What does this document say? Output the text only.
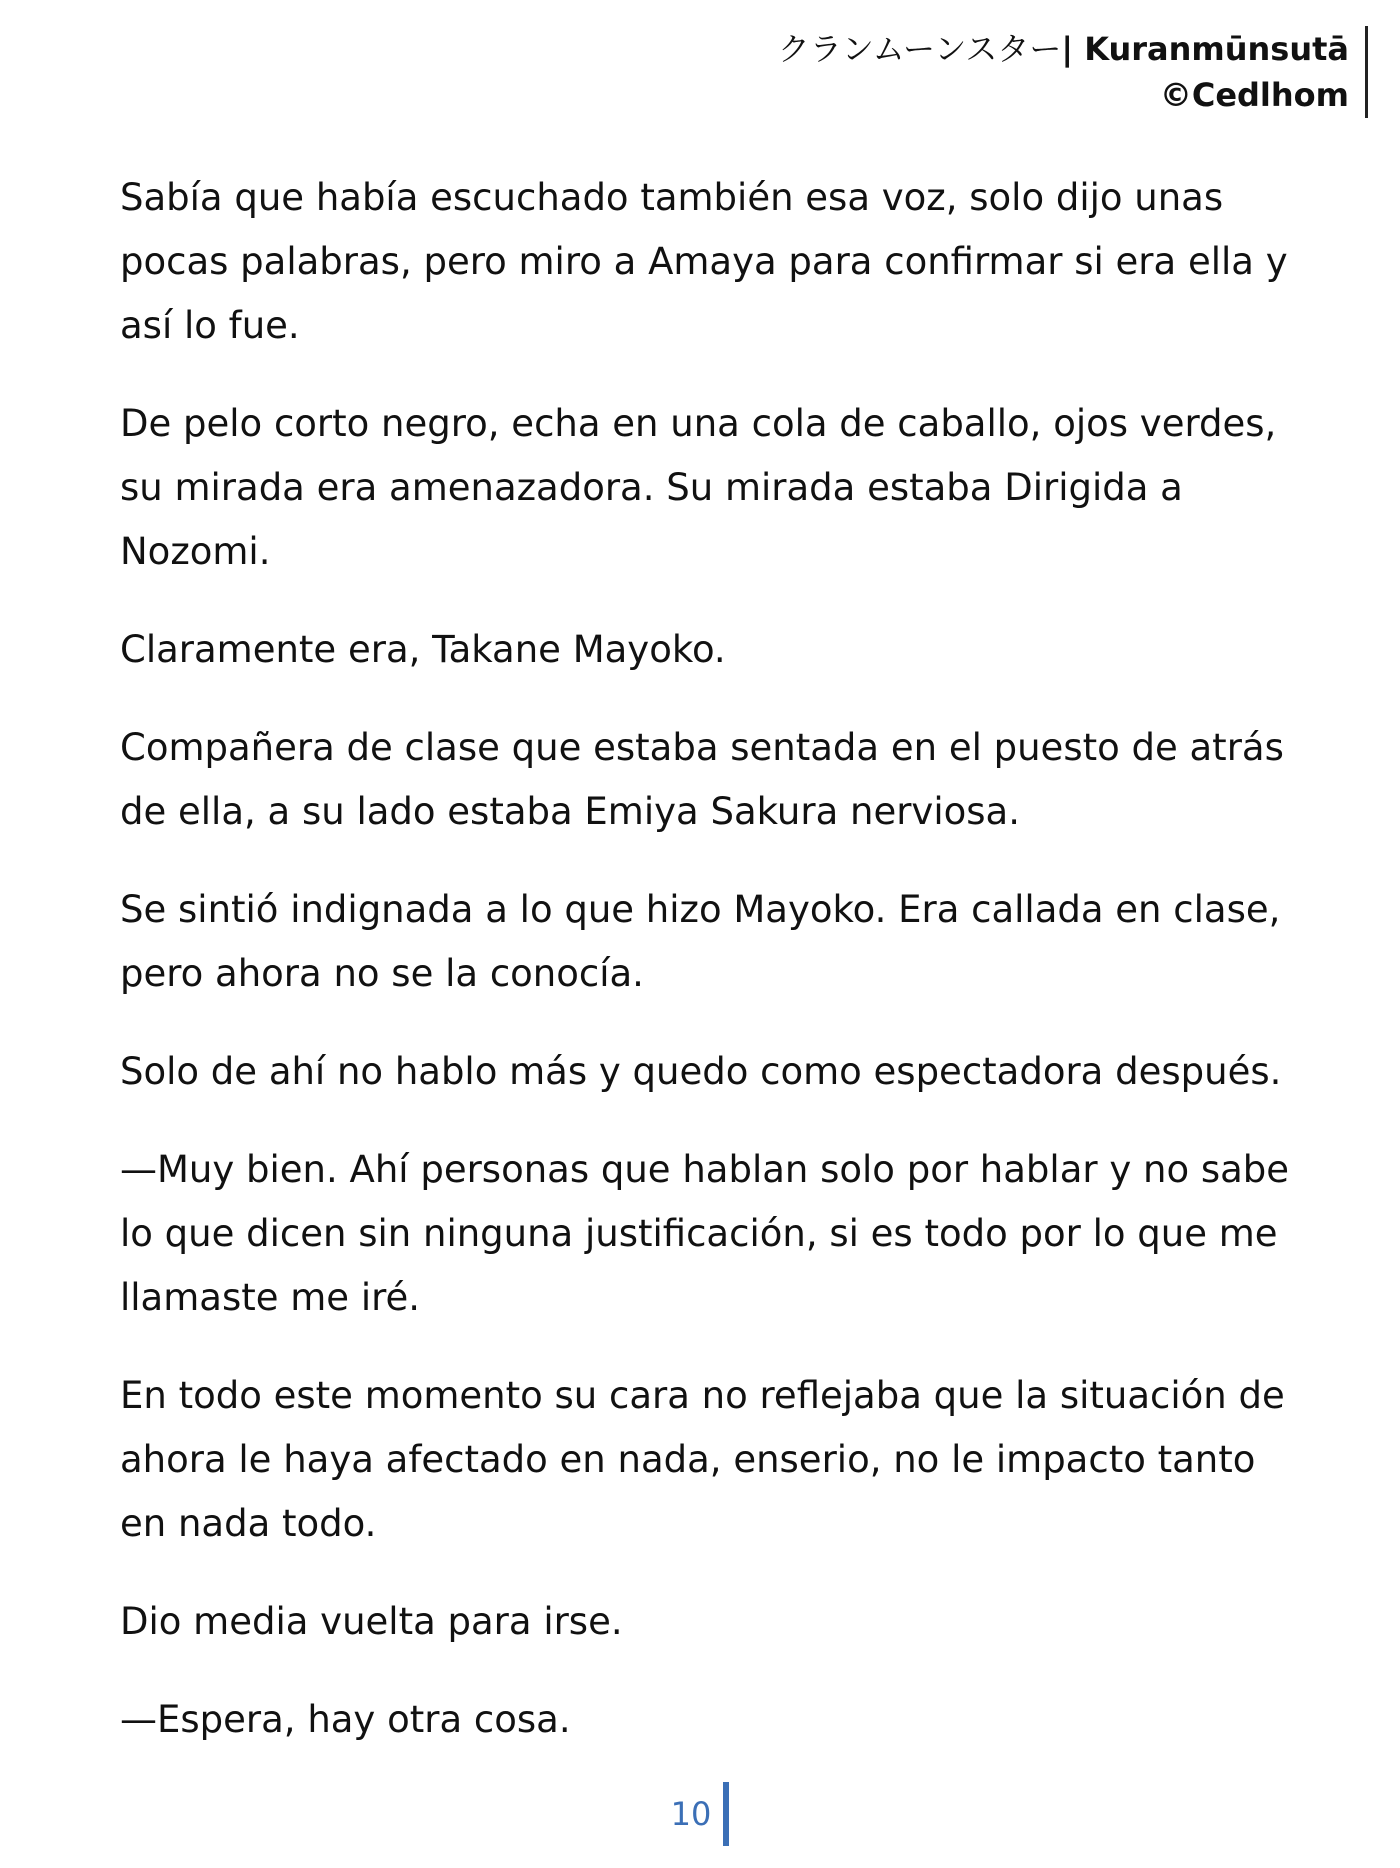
クランムーンスター| Kuranmūnsutā
©Cedlhom

Sabía que había escuchado también esa voz, solo dijo unas pocas palabras, pero miro a Amaya para confirmar si era ella y así lo fue.

De pelo corto negro, echa en una cola de caballo, ojos verdes, su mirada era amenazadora. Su mirada estaba Dirigida a Nozomi.

Claramente era, Takane Mayoko.

Compañera de clase que estaba sentada en el puesto de atrás de ella, a su lado estaba Emiya Sakura nerviosa.

Se sintió indignada a lo que hizo Mayoko. Era callada en clase, pero ahora no se la conocía.

Solo de ahí no hablo más y quedo como espectadora después.

—Muy bien. Ahí personas que hablan solo por hablar y no sabe lo que dicen sin ninguna justificación, si es todo por lo que me llamaste me iré.

En todo este momento su cara no reflejaba que la situación de ahora le haya afectado en nada, enserio, no le impacto tanto en nada todo.

Dio media vuelta para irse.

—Espera, hay otra cosa.

10
